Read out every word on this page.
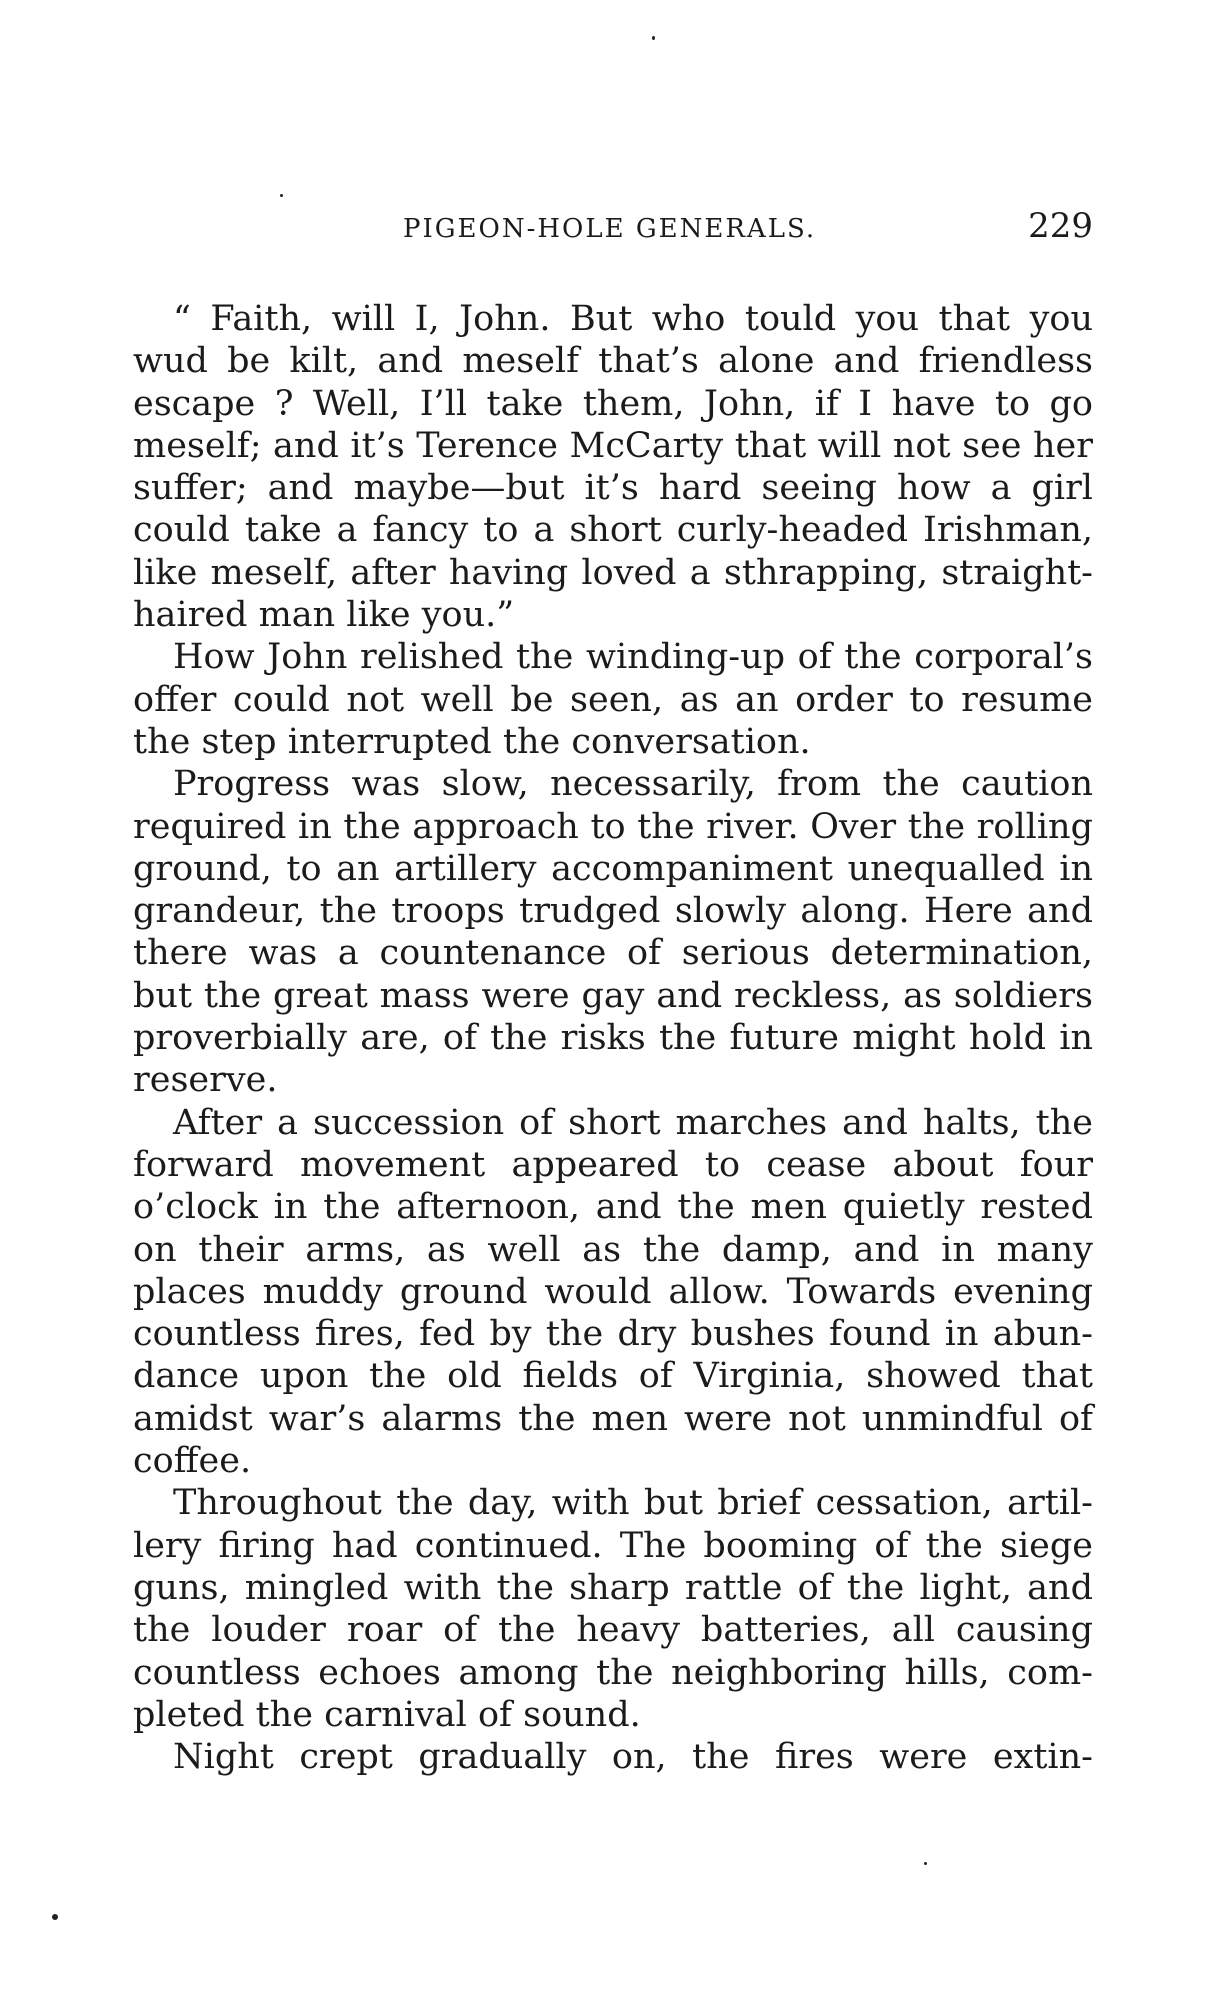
PIGEON-HOLE GENERALS.	229

“ Faith, will I, John. But who tould you that you wud be kilt, and meself that’s alone and friendless escape ? Well, I’ll take them, John, if I have to go meself; and it’s Terence McCarty that will not see her suffer; and maybe—but it’s hard seeing how a girl could take a fancy to a short curly-headed Irishman, like meself, after having loved a sthrapping, straight-haired man like you.”

How John relished the winding-up of the corporal’s offer could not well be seen, as an order to resume the step interrupted the conversation.

Progress was slow, necessarily, from the caution required in the approach to the river. Over the rolling ground, to an artillery accompaniment unequalled in grandeur, the troops trudged slowly along. Here and there was a countenance of serious determination, but the great mass were gay and reckless, as soldiers proverbially are, of the risks the future might hold in reserve.

After a succession of short marches and halts, the forward movement appeared to cease about four o’clock in the afternoon, and the men quietly rested on their arms, as well as the damp, and in many places muddy ground would allow. Towards evening countless fires, fed by the dry bushes found in abundance upon the old fields of Virginia, showed that amidst war’s alarms the men were not unmindful of coffee.

Throughout the day, with but brief cessation, artillery firing had continued. The booming of the siege guns, mingled with the sharp rattle of the light, and the louder roar of the heavy batteries, all causing countless echoes among the neighboring hills, completed the carnival of sound.

Night crept gradually on, the fires were extin-
